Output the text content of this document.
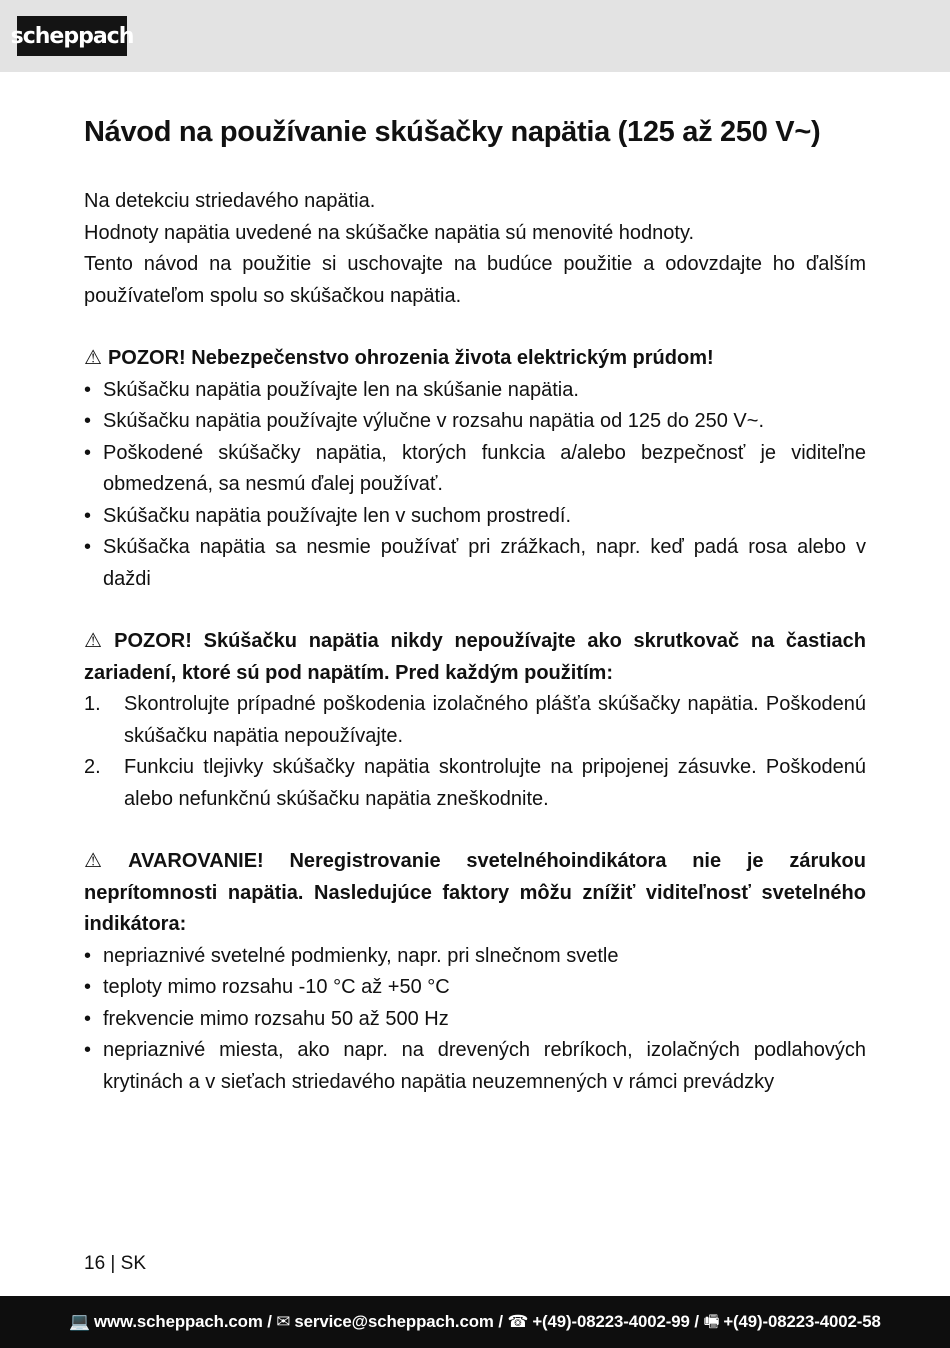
scheppach
Návod na používanie skúšačky napätia (125 až 250 V~)

Na detekciu striedavého napätia.

Hodnoty napätia uvedené na skúšačke napätia sú menovité hodnoty.

Tento návod na použitie si uschovajte na budúce použitie a odovzdajte ho ďalším používateľom spolu so skúšačkou napätia.

⚠ POZOR! Nebezpečenstvo ohrozenia života elektrickým prúdom!

• Skúšačku napätia používajte len na skúšanie napätia.
• Skúšačku napätia používajte výlučne v rozsahu napätia od 125 do 250 V~.
• Poškodené skúšačky napätia, ktorých funkcia a/alebo bezpečnosť je viditeľne obmedzená, sa nesmú ďalej používať.
• Skúšačku napätia používajte len v suchom prostredí.
• Skúšačka napätia sa nesmie používať pri zrážkach, napr. keď padá rosa alebo v daždi

⚠ POZOR! Skúšačku napätia nikdy nepoužívajte ako skrutkovač na častiach zariadení, ktoré sú pod napätím. Pred každým použitím:

1. Skontrolujte prípadné poškodenia izolačného plášťa skúšačky napätia. Poškodenú skúšačku napätia nepoužívajte.
2. Funkciu tlejivky skúšačky napätia skontrolujte na pripojenej zásuvke. Poškodenú alebo nefunkčnú skúšačku napätia zneškodnite.

⚠ AVAROVANIE! Neregistrovanie svetelnéhoindikátora nie je zárukou neprítomnosti napätia. Nasledujúce faktory môžu znížiť viditeľnosť svetelného indikátora:

• nepriaznivé svetelné podmienky, napr. pri slnečnom svetle
• teploty mimo rozsahu -10 °C až +50 °C
• frekvencie mimo rozsahu 50 až 500 Hz
• nepriaznivé miesta, ako napr. na drevených rebríkoch, izolačných podlahových krytinách a v sieťach striedavého napätia neuzemnených v rámci prevádzky
16 | SK
💻 www.scheppach.com / ✉ service@scheppach.com / ☎ +(49)-08223-4002-99 / 🖷 +(49)-08223-4002-58
